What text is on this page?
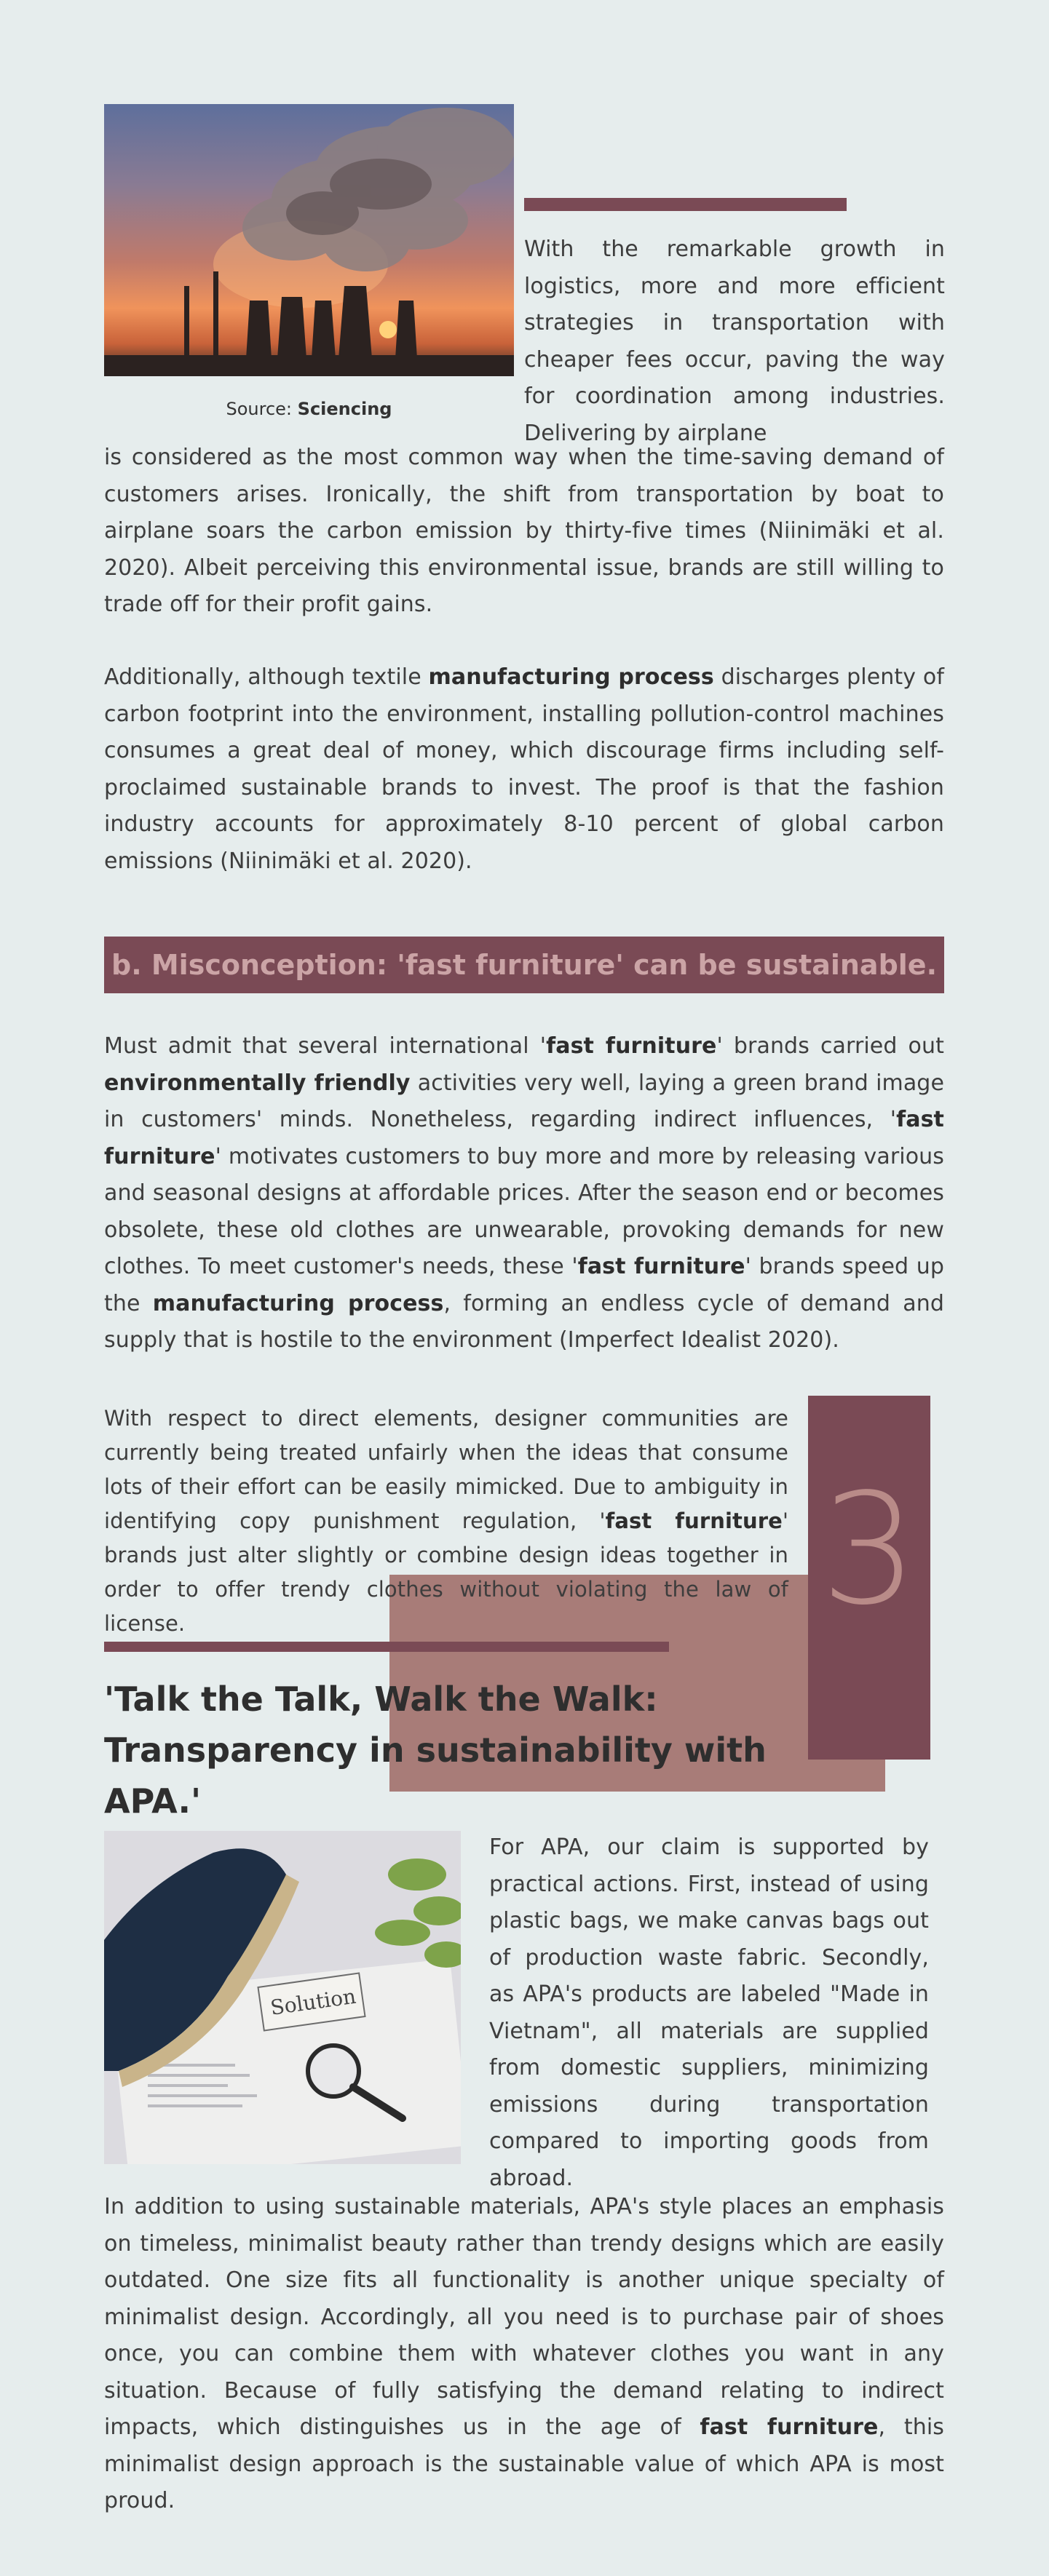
Source: Sciencing

With the remarkable growth in logistics, more and more efficient strategies in transportation with cheaper fees occur, paving the way for coordination among industries. Delivering by airplane

is considered as the most common way when the time-saving demand of customers arises. Ironically, the shift from transportation by boat to airplane soars the carbon emission by thirty-five times (Niinimäki et al. 2020). Albeit perceiving this environmental issue, brands are still willing to trade off for their profit gains.

Additionally, although textile manufacturing process discharges plenty of carbon footprint into the environment, installing pollution-control machines consumes a great deal of money, which discourage firms including self-proclaimed sustainable brands to invest. The proof is that the fashion industry accounts for approximately 8-10 percent of global carbon emissions (Niinimäki et al. 2020).

b. Misconception: 'fast furniture' can be sustainable.

Must admit that several international 'fast furniture' brands carried out environmentally friendly activities very well, laying a green brand image in customers' minds. Nonetheless, regarding indirect influences, 'fast furniture' motivates customers to buy more and more by releasing various and seasonal designs at affordable prices. After the season end or becomes obsolete, these old clothes are unwearable, provoking demands for new clothes. To meet customer's needs, these 'fast furniture' brands speed up the manufacturing process, forming an endless cycle of demand and supply that is hostile to the environment (Imperfect Idealist 2020).

3

With respect to direct elements, designer communities are currently being treated unfairly when the ideas that consume lots of their effort can be easily mimicked. Due to ambiguity in identifying copy punishment regulation, 'fast furniture' brands just alter slightly or combine design ideas together in order to offer trendy clothes without violating the law of license.

'Talk the Talk, Walk the Walk:
Transparency in sustainability with APA.'
Solution

For APA, our claim is supported by practical actions. First, instead of using plastic bags, we make canvas bags out of production waste fabric. Secondly, as APA's products are labeled "Made in Vietnam", all materials are supplied from domestic suppliers, minimizing emissions during transportation compared to importing goods from abroad.

In addition to using sustainable materials, APA's style places an emphasis on timeless, minimalist beauty rather than trendy designs which are easily outdated. One size fits all functionality is another unique specialty of minimalist design. Accordingly, all you need is to purchase pair of shoes once, you can combine them with whatever clothes you want in any situation. Because of fully satisfying the demand relating to indirect impacts, which distinguishes us in the age of fast furniture, this minimalist design approach is the sustainable value of which APA is most proud.
